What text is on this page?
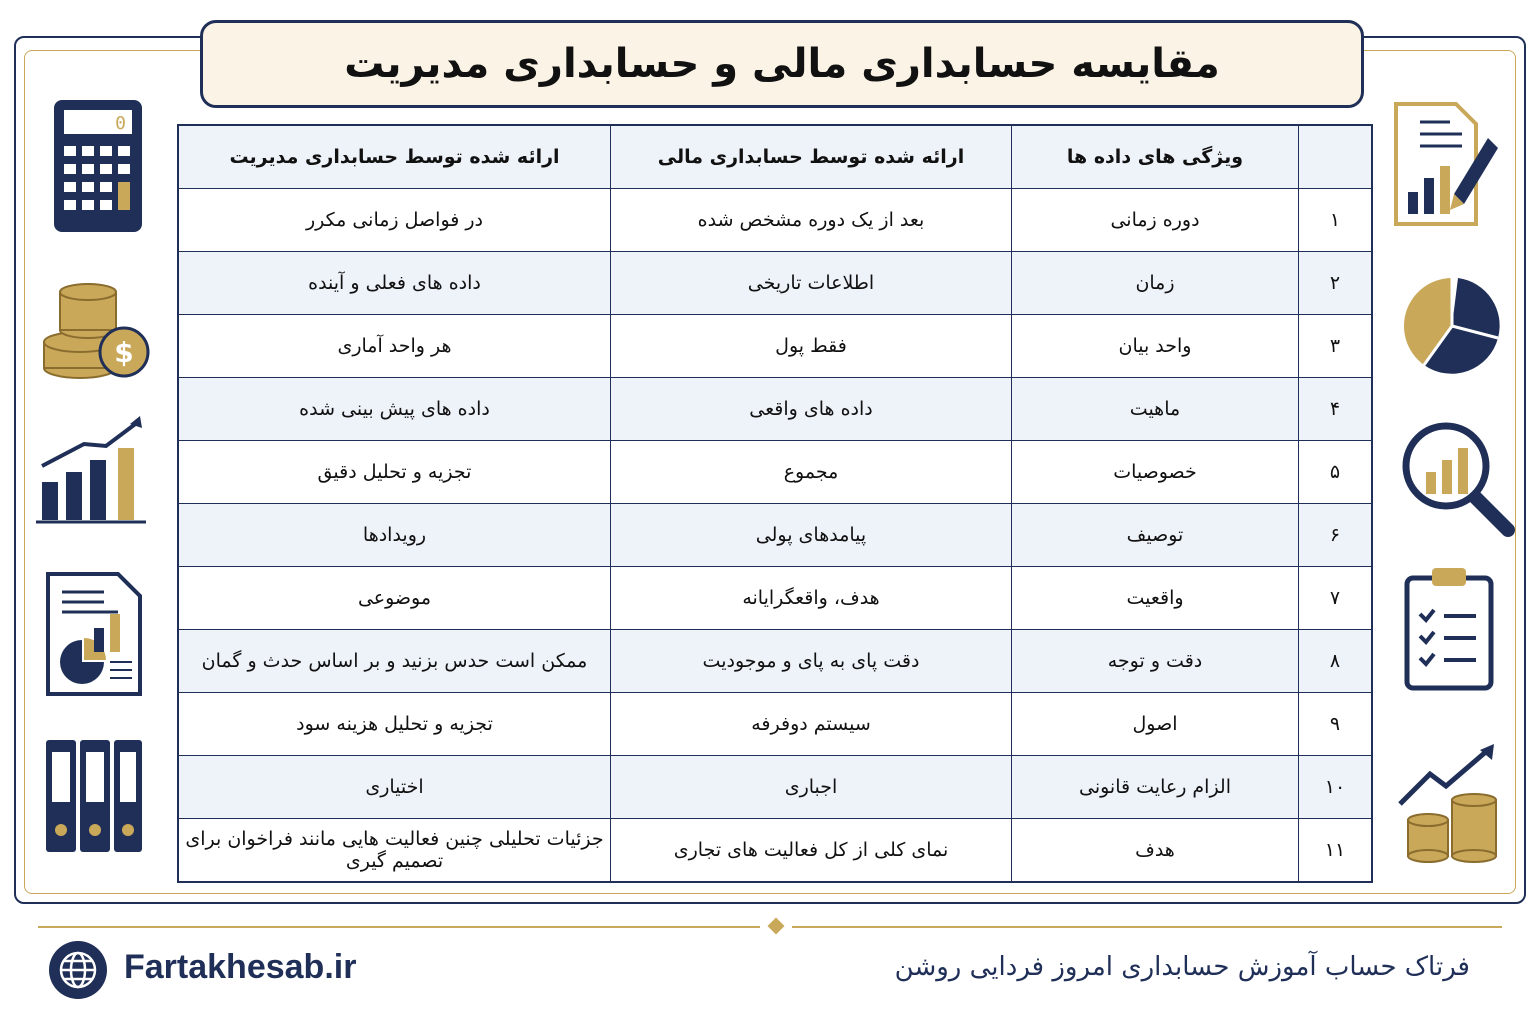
مقایسه حسابداری مالی و حسابداری مدیریت
	ویژگی های داده ها	ارائه شده توسط حسابداری مالی	ارائه شده توسط حسابداری مدیریت
۱	دوره زمانی	بعد از یک دوره مشخص شده	در فواصل زمانی مکرر
۲	زمان	اطلاعات تاریخی	داده های فعلی و آینده
۳	واحد بیان	فقط پول	هر واحد آماری
۴	ماهیت	داده های واقعی	داده های پیش بینی شده
۵	خصوصیات	مجموع	تجزیه و تحلیل دقیق
۶	توصیف	پیامدهای پولی	رویدادها
۷	واقعیت	هدف، واقعگرایانه	موضوعی
۸	دقت و توجه	دقت پای به پای و موجودیت	ممکن است حدس بزنید و بر اساس حدث و گمان
۹	اصول	سیستم دوفرفه	تجزیه و تحلیل هزینه سود
۱۰	الزام رعایت قانونی	اجباری	اختیاری
۱۱	هدف	نمای کلی از کل فعالیت های تجاری	جزئیات تحلیلی چنین فعالیت هایی مانند فراخوان برای تصمیم گیری
0
$
Fartakhesab.ir	فرتاک حساب آموزش حسابداری امروز فردایی روشن
